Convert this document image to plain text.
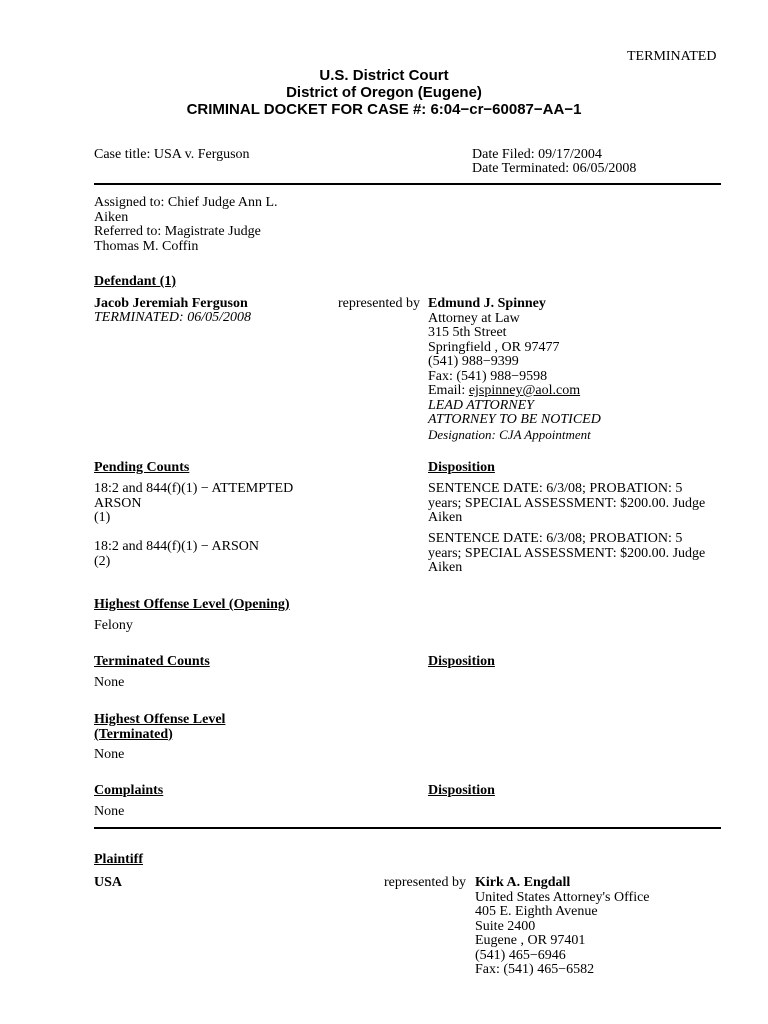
TERMINATED
U.S. District Court
District of Oregon (Eugene)
CRIMINAL DOCKET FOR CASE #: 6:04−cr−60087−AA−1
Case title: USA v. Ferguson	Date Filed: 09/17/2004
Date Terminated: 06/05/2008
Assigned to: Chief Judge Ann L.
Aiken
Referred to: Magistrate Judge
Thomas M. Coffin
Defendant (1)
Jacob Jeremiah Ferguson
TERMINATED: 06/05/2008
represented by Edmund J. Spinney
Attorney at Law
315 5th Street
Springfield , OR 97477
(541) 988−9399
Fax: (541) 988−9598
Email: ejspinney@aol.com
LEAD ATTORNEY
ATTORNEY TO BE NOTICED
Designation: CJA Appointment
Pending Counts	Disposition
18:2 and 844(f)(1) − ATTEMPTED
ARSON
(1)
SENTENCE DATE: 6/3/08; PROBATION: 5
years; SPECIAL ASSESSMENT: $200.00. Judge
Aiken
18:2 and 844(f)(1) − ARSON
(2)
SENTENCE DATE: 6/3/08; PROBATION: 5
years; SPECIAL ASSESSMENT: $200.00. Judge
Aiken
Highest Offense Level (Opening)
Felony
Terminated Counts	Disposition
None
Highest Offense Level
(Terminated)
None
Complaints	Disposition
None
Plaintiff
USA	represented by Kirk A. Engdall
United States Attorney's Office
405 E. Eighth Avenue
Suite 2400
Eugene , OR 97401
(541) 465−6946
Fax: (541) 465−6582
